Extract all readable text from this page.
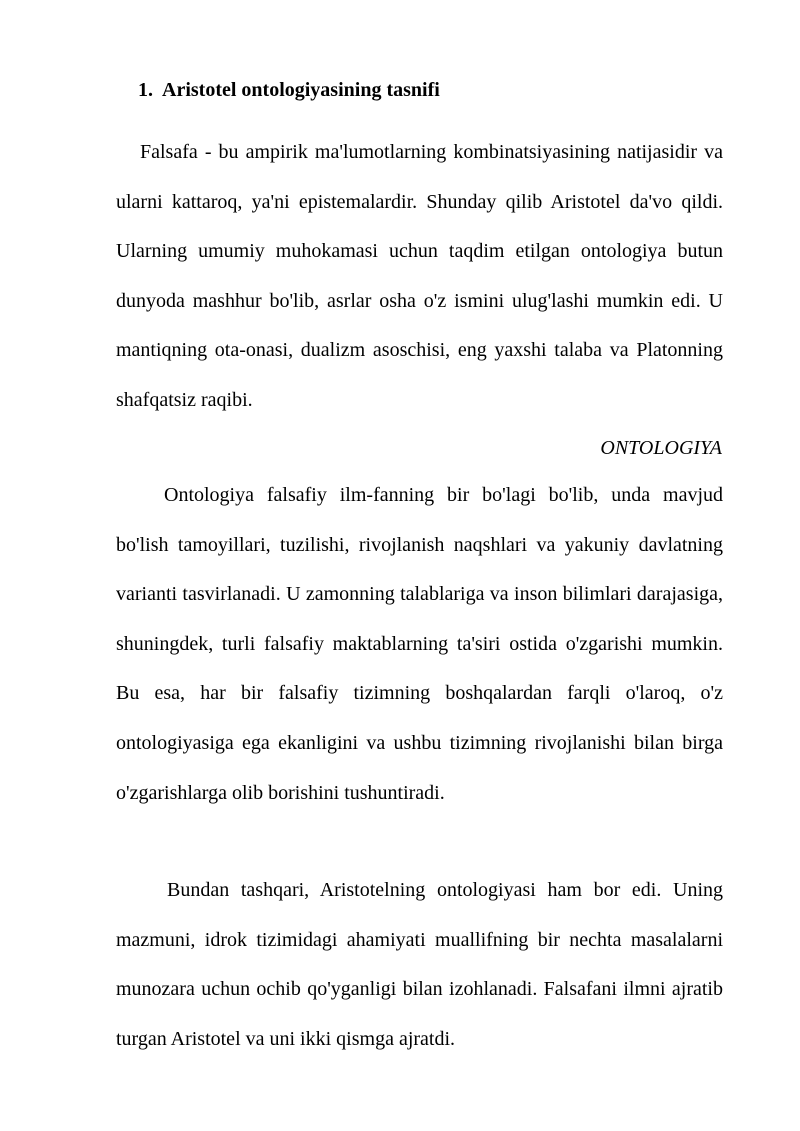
1. Aristotel ontologiyasining tasnifi

Falsafa - bu ampirik ma'lumotlarning kombinatsiyasining natijasidir va ularni kattaroq, ya'ni epistemalardir. Shunday qilib Aristotel da'vo qildi. Ularning umumiy muhokamasi uchun taqdim etilgan ontologiya butun dunyoda mashhur bo'lib, asrlar osha o'z ismini ulug'lashi mumkin edi. U mantiqning ota-onasi, dualizm asoschisi, eng yaxshi talaba va Platonning shafqatsiz raqibi.

ONTOLOGIYA

Ontologiya falsafiy ilm-fanning bir bo'lagi bo'lib, unda mavjud bo'lish tamoyillari, tuzilishi, rivojlanish naqshlari va yakuniy davlatning varianti tasvirlanadi. U zamonning talablariga va inson bilimlari darajasiga, shuningdek, turli falsafiy maktablarning ta'siri ostida o'zgarishi mumkin. Bu esa, har bir falsafiy tizimning boshqalardan farqli o'laroq, o'z ontologiyasiga ega ekanligini va ushbu tizimning rivojlanishi bilan birga o'zgarishlarga olib borishini tushuntiradi.

Bundan tashqari, Aristotelning ontologiyasi ham bor edi. Uning mazmuni, idrok tizimidagi ahamiyati muallifning bir nechta masalalarni munozara uchun ochib qo'yganligi bilan izohlanadi. Falsafani ilmni ajratib turgan Aristotel va uni ikki qismga ajratdi.
